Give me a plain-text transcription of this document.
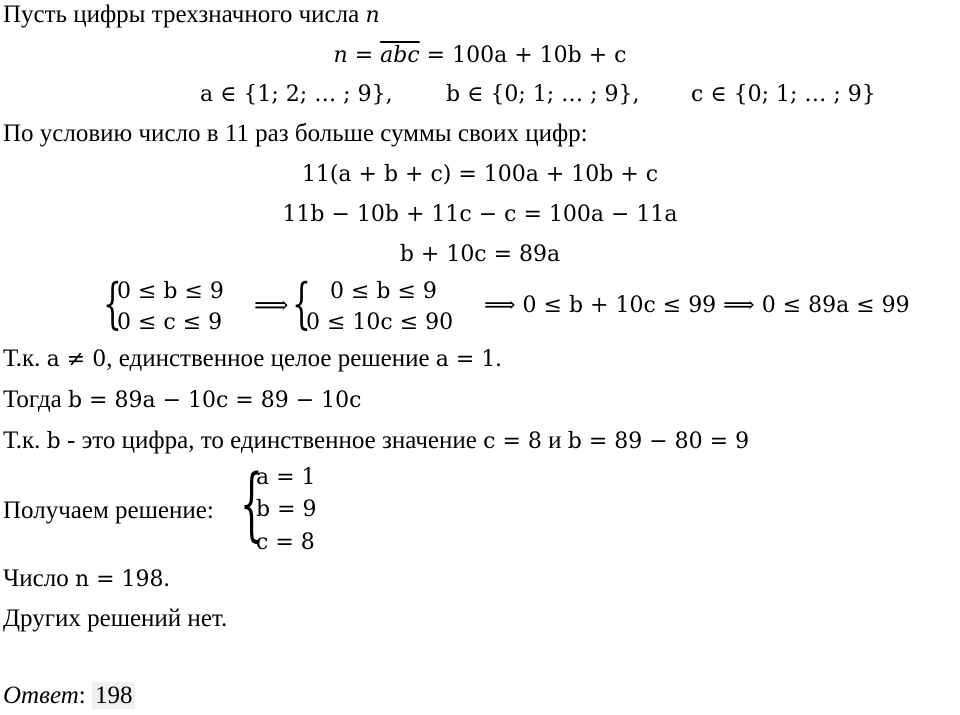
Пусть цифры трехзначного числа n
$n = \overline{abc} = 100a + 10b + c$
a ∈ {1; 2; … ; 9}, b ∈ {0; 1; … ; 9}, c ∈ {0; 1; … ; 9}
По условию число в 11 раз больше суммы своих цифр:
11(a + b + c) = 100a + 10b + c
11b − 10b + 11c − c = 100a − 11a
b + 10c = 89a
{
0 ≤ b ≤ 9
0 ≤ c ≤ 9
⟹ { 0 ≤ b ≤ 9
0 ≤ 10c ≤ 90
⟹ 0 ≤ b + 10c ≤ 99 ⟹ 0 ≤ 89a ≤ 99
Т.к. a ≠ 0, единственное целое решение a = 1.
Тогда b = 89a − 10c = 89 − 10c
Т.к. b - это цифра, то единственное значение c = 8 и b = 89 − 80 = 9
Получаем решение: {
a = 1
b = 9
c = 8
Число n = 198.
Других решений нет.
Ответ: 198
